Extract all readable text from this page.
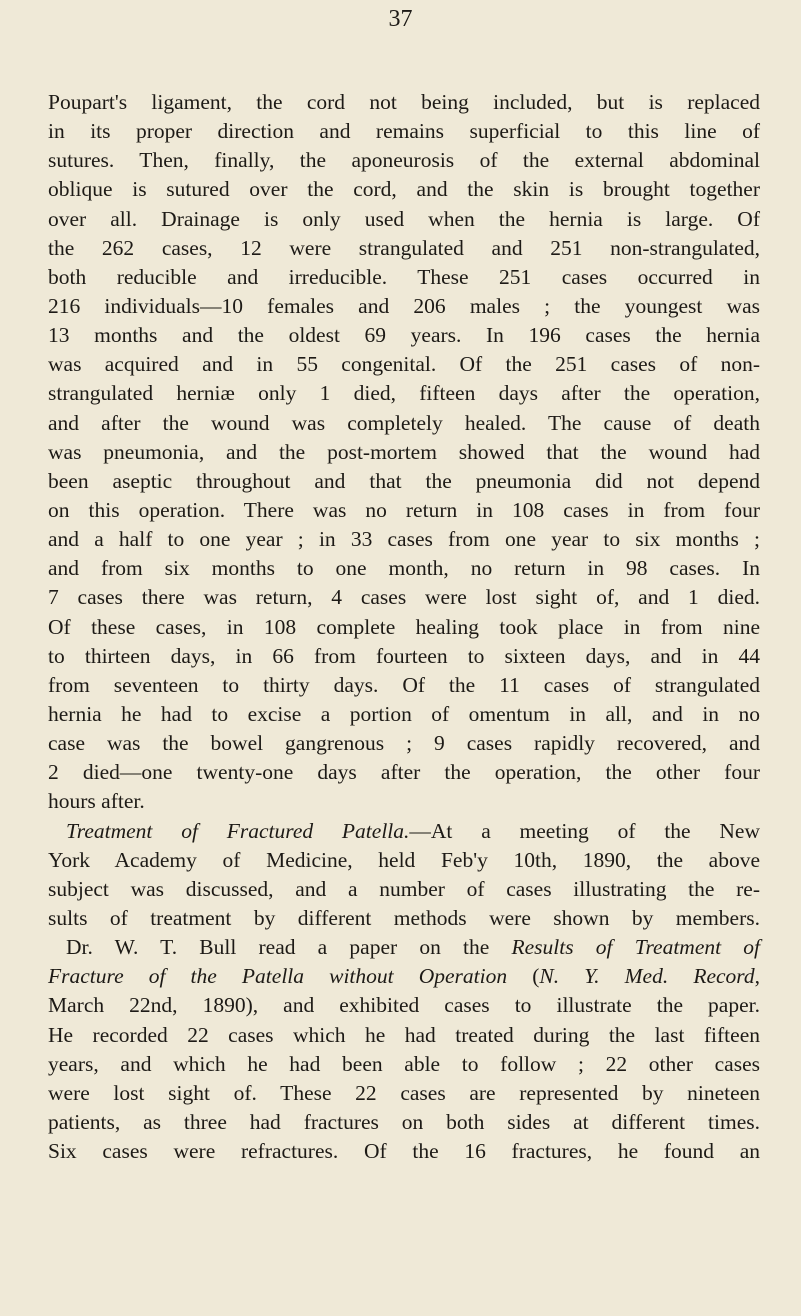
37
Poupart's ligament, the cord not being included, but is replaced
in its proper direction and remains superficial to this line of
sutures. Then, finally, the aponeurosis of the external abdominal
oblique is sutured over the cord, and the skin is brought together
over all. Drainage is only used when the hernia is large. Of
the 262 cases, 12 were strangulated and 251 non-strangulated,
both reducible and irreducible. These 251 cases occurred in
216 individuals—10 females and 206 males ; the youngest was
13 months and the oldest 69 years. In 196 cases the hernia
was acquired and in 55 congenital. Of the 251 cases of non-
strangulated herniæ only 1 died, fifteen days after the operation,
and after the wound was completely healed. The cause of death
was pneumonia, and the post-mortem showed that the wound had
been aseptic throughout and that the pneumonia did not depend
on this operation. There was no return in 108 cases in from four
and a half to one year ; in 33 cases from one year to six months ;
and from six months to one month, no return in 98 cases. In
7 cases there was return, 4 cases were lost sight of, and 1 died.
Of these cases, in 108 complete healing took place in from nine
to thirteen days, in 66 from fourteen to sixteen days, and in 44
from seventeen to thirty days. Of the 11 cases of strangulated
hernia he had to excise a portion of omentum in all, and in no
case was the bowel gangrenous ; 9 cases rapidly recovered, and
2 died—one twenty-one days after the operation, the other four
hours after.
Treatment of Fractured Patella.—At a meeting of the New
York Academy of Medicine, held Feb'y 10th, 1890, the above
subject was discussed, and a number of cases illustrating the re-
sults of treatment by different methods were shown by members.
Dr. W. T. Bull read a paper on the Results of Treatment of
Fracture of the Patella without Operation (N. Y. Med. Record,
March 22nd, 1890), and exhibited cases to illustrate the paper.
He recorded 22 cases which he had treated during the last fifteen
years, and which he had been able to follow ; 22 other cases
were lost sight of. These 22 cases are represented by nineteen
patients, as three had fractures on both sides at different times.
Six cases were refractures. Of the 16 fractures, he found an
